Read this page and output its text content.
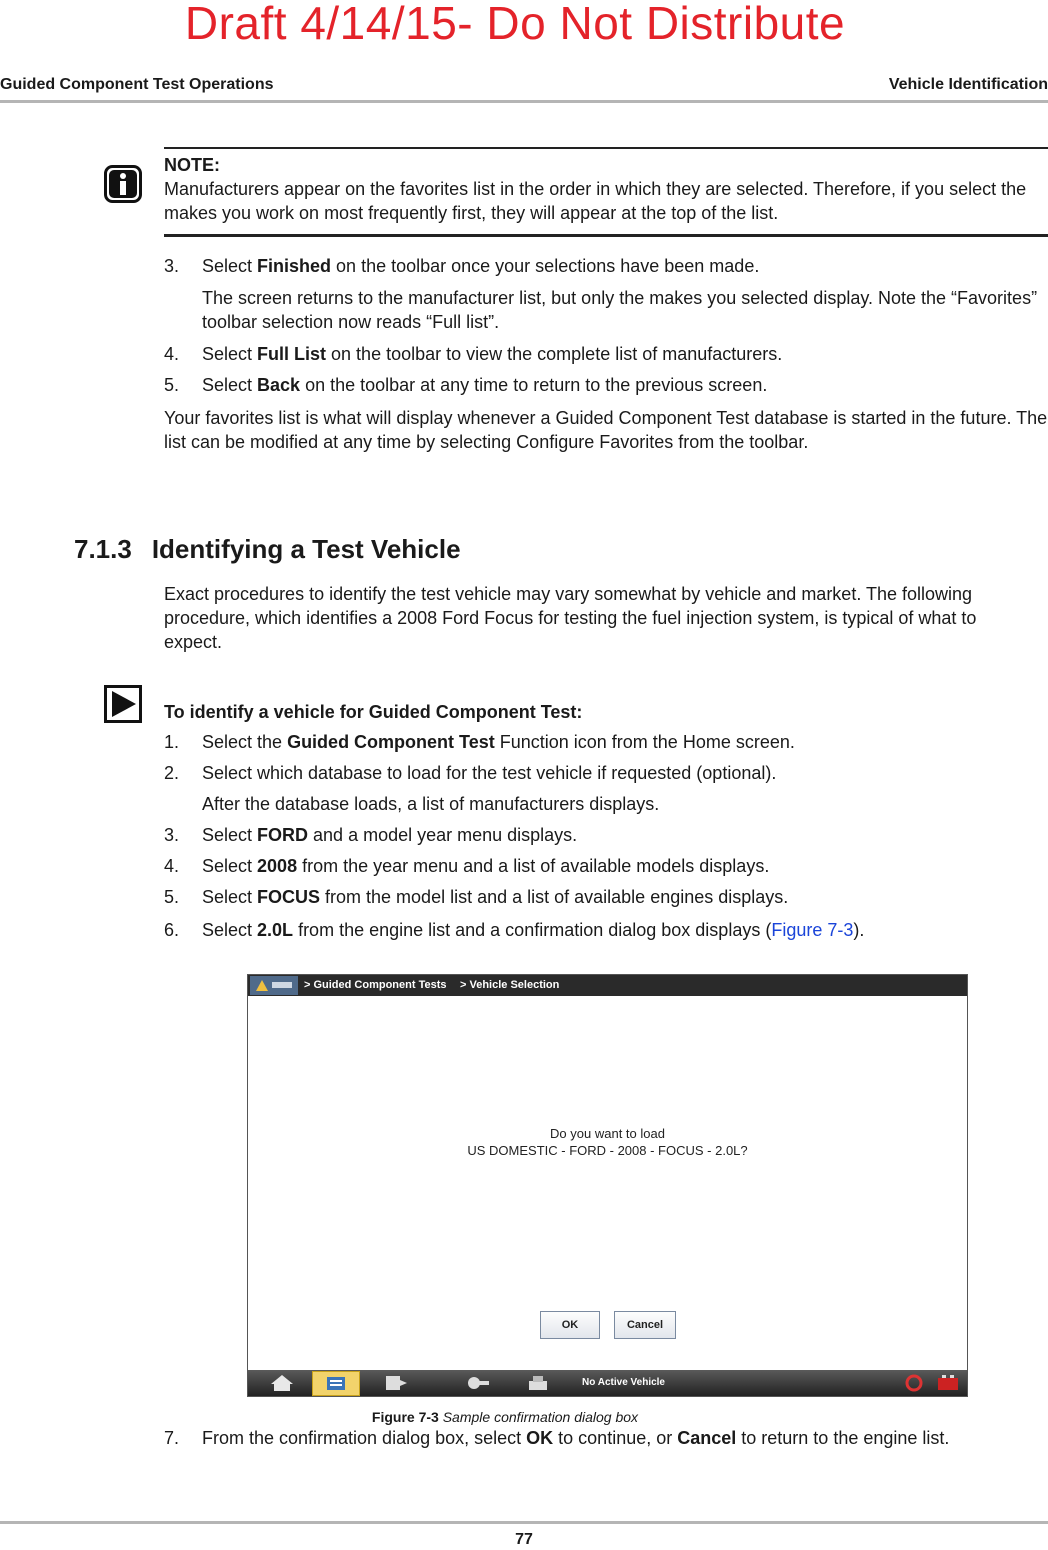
Draft 4/14/15- Do Not Distribute
Guided Component Test Operations	Vehicle Identification
NOTE:
Manufacturers appear on the favorites list in the order in which they are selected. Therefore, if you select the makes you work on most frequently first, they will appear at the top of the list.
3.	Select Finished on the toolbar once your selections have been made.
The screen returns to the manufacturer list, but only the makes you selected display. Note the “Favorites” toolbar selection now reads “Full list”.
4.	Select Full List on the toolbar to view the complete list of manufacturers.
5.	Select Back on the toolbar at any time to return to the previous screen.
Your favorites list is what will display whenever a Guided Component Test database is started in the future. The list can be modified at any time by selecting Configure Favorites from the toolbar.
7.1.3 Identifying a Test Vehicle
Exact procedures to identify the test vehicle may vary somewhat by vehicle and market. The following procedure, which identifies a 2008 Ford Focus for testing the fuel injection system, is typical of what to expect.
To identify a vehicle for Guided Component Test:
1.	Select the Guided Component Test Function icon from the Home screen.
2.	Select which database to load for the test vehicle if requested (optional).
After the database loads, a list of manufacturers displays.
3.	Select FORD and a model year menu displays.
4.	Select 2008 from the year menu and a list of available models displays.
5.	Select FOCUS from the model list and a list of available engines displays.
6.	Select 2.0L from the engine list and a confirmation dialog box displays (Figure 7-3).
> Guided Component Tests > Vehicle Selection
Do you want to load
US DOMESTIC - FORD - 2008 - FOCUS - 2.0L?
OK	Cancel
No Active Vehicle
Figure 7-3 Sample confirmation dialog box
7.	From the confirmation dialog box, select OK to continue, or Cancel to return to the engine list.
77
